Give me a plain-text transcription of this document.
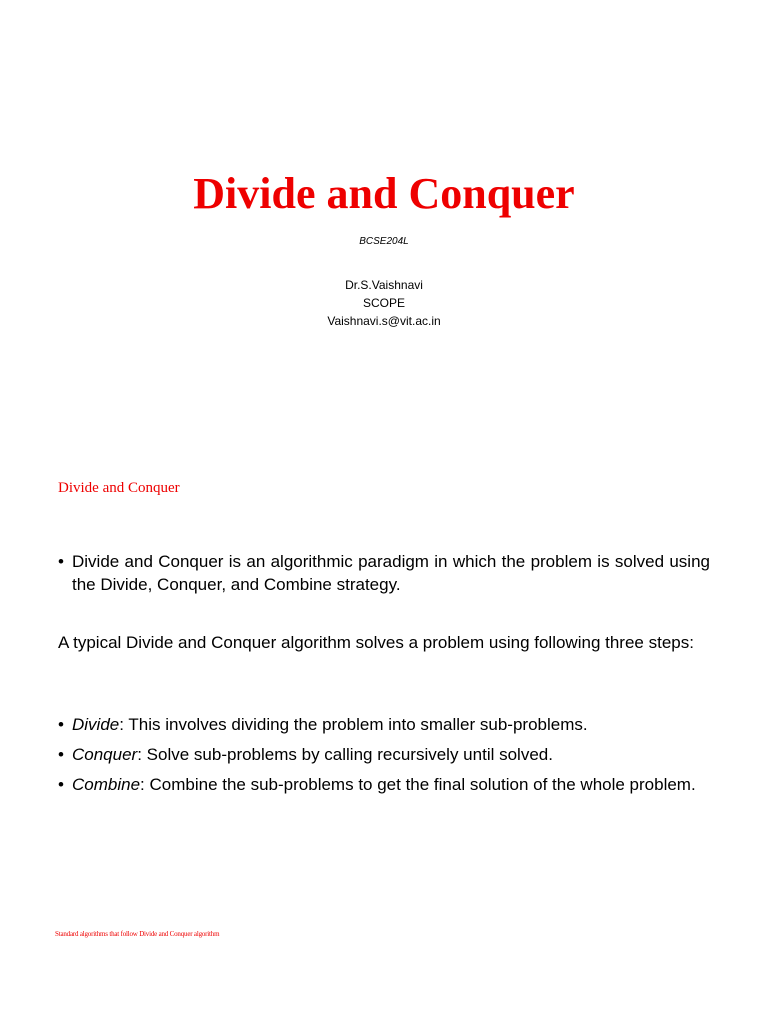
Divide and Conquer
BCSE204L
Dr.S.Vaishnavi
SCOPE
Vaishnavi.s@vit.ac.in
Divide and Conquer
• Divide and Conquer is an algorithmic paradigm in which the problem is solved using the Divide, Conquer, and Combine strategy.
A typical Divide and Conquer algorithm solves a problem using following three steps:
• Divide: This involves dividing the problem into smaller sub-problems.
• Conquer: Solve sub-problems by calling recursively until solved.
• Combine: Combine the sub-problems to get the final solution of the whole problem.
Standard algorithms that follow Divide and Conquer algorithm
